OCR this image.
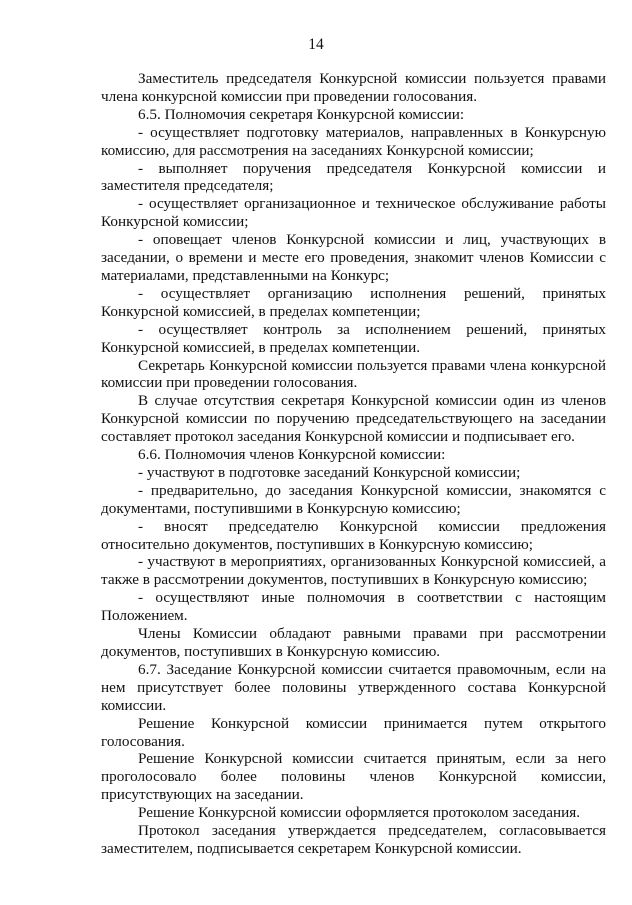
14

Заместитель председателя Конкурсной комиссии пользуется правами члена конкурсной комиссии при проведении голосования.

6.5. Полномочия секретаря Конкурсной комиссии:

- осуществляет подготовку материалов, направленных в Конкурсную комиссию, для рассмотрения на заседаниях Конкурсной комиссии;

- выполняет поручения председателя Конкурсной комиссии и заместителя председателя;

- осуществляет организационное и техническое обслуживание работы Конкурсной комиссии;

- оповещает членов Конкурсной комиссии и лиц, участвующих в заседании, о времени и месте его проведения, знакомит членов Комиссии с материалами, представленными на Конкурс;

- осуществляет организацию исполнения решений, принятых Конкурсной комиссией, в пределах компетенции;

- осуществляет контроль за исполнением решений, принятых Конкурсной комиссией, в пределах компетенции.

Секретарь Конкурсной комиссии пользуется правами члена конкурсной комиссии при проведении голосования.

В случае отсутствия секретаря Конкурсной комиссии один из членов Конкурсной комиссии по поручению председательствующего на заседании составляет протокол заседания Конкурсной комиссии и подписывает его.

6.6. Полномочия членов Конкурсной комиссии:

- участвуют в подготовке заседаний Конкурсной комиссии;

- предварительно, до заседания Конкурсной комиссии, знакомятся с документами, поступившими в Конкурсную комиссию;

- вносят председателю Конкурсной комиссии предложения относительно документов, поступивших в Конкурсную комиссию;

- участвуют в мероприятиях, организованных Конкурсной комиссией, а также в рассмотрении документов, поступивших в Конкурсную комиссию;

- осуществляют иные полномочия в соответствии с настоящим Положением.

Члены Комиссии обладают равными правами при рассмотрении документов, поступивших в Конкурсную комиссию.

6.7. Заседание Конкурсной комиссии считается правомочным, если на нем присутствует более половины утвержденного состава Конкурсной комиссии.

Решение Конкурсной комиссии принимается путем открытого голосования.

Решение Конкурсной комиссии считается принятым, если за него проголосовало более половины членов Конкурсной комиссии, присутствующих на заседании.

Решение Конкурсной комиссии оформляется протоколом заседания.

Протокол заседания утверждается председателем, согласовывается заместителем, подписывается секретарем Конкурсной комиссии.
